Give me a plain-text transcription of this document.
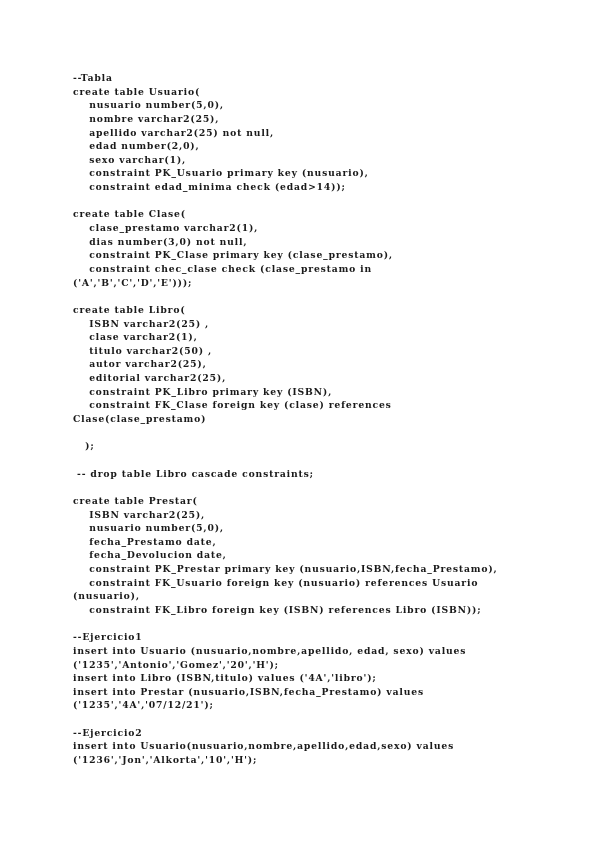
--Tabla
create table Usuario(
nusuario number(5,0),
nombre varchar2(25),
apellido varchar2(25) not null,
edad number(2,0),
sexo varchar(1),
constraint PK_Usuario primary key (nusuario),
constraint edad_minima check (edad>14));
create table Clase(
clase_prestamo varchar2(1),
dias number(3,0) not null,
constraint PK_Clase primary key (clase_prestamo),
constraint chec_clase check (clase_prestamo in
('A','B','C','D','E')));
create table Libro(
ISBN varchar2(25) ,
clase varchar2(1),
titulo varchar2(50) ,
autor varchar2(25),
editorial varchar2(25),
constraint PK_Libro primary key (ISBN),
constraint FK_Clase foreign key (clase) references
Clase(clase_prestamo)
);
-- drop table Libro cascade constraints;
create table Prestar(
ISBN varchar2(25),
nusuario number(5,0),
fecha_Prestamo date,
fecha_Devolucion date,
constraint PK_Prestar primary key (nusuario,ISBN,fecha_Prestamo),
constraint FK_Usuario foreign key (nusuario) references Usuario
(nusuario),
constraint FK_Libro foreign key (ISBN) references Libro (ISBN));
--Ejercicio1
insert into Usuario (nusuario,nombre,apellido, edad, sexo) values
('1235','Antonio','Gomez','20','H');
insert into Libro (ISBN,titulo) values ('4A','libro');
insert into Prestar (nusuario,ISBN,fecha_Prestamo) values
('1235','4A','07/12/21');
--Ejercicio2
insert into Usuario(nusuario,nombre,apellido,edad,sexo) values
('1236','Jon','Alkorta','10','H');
